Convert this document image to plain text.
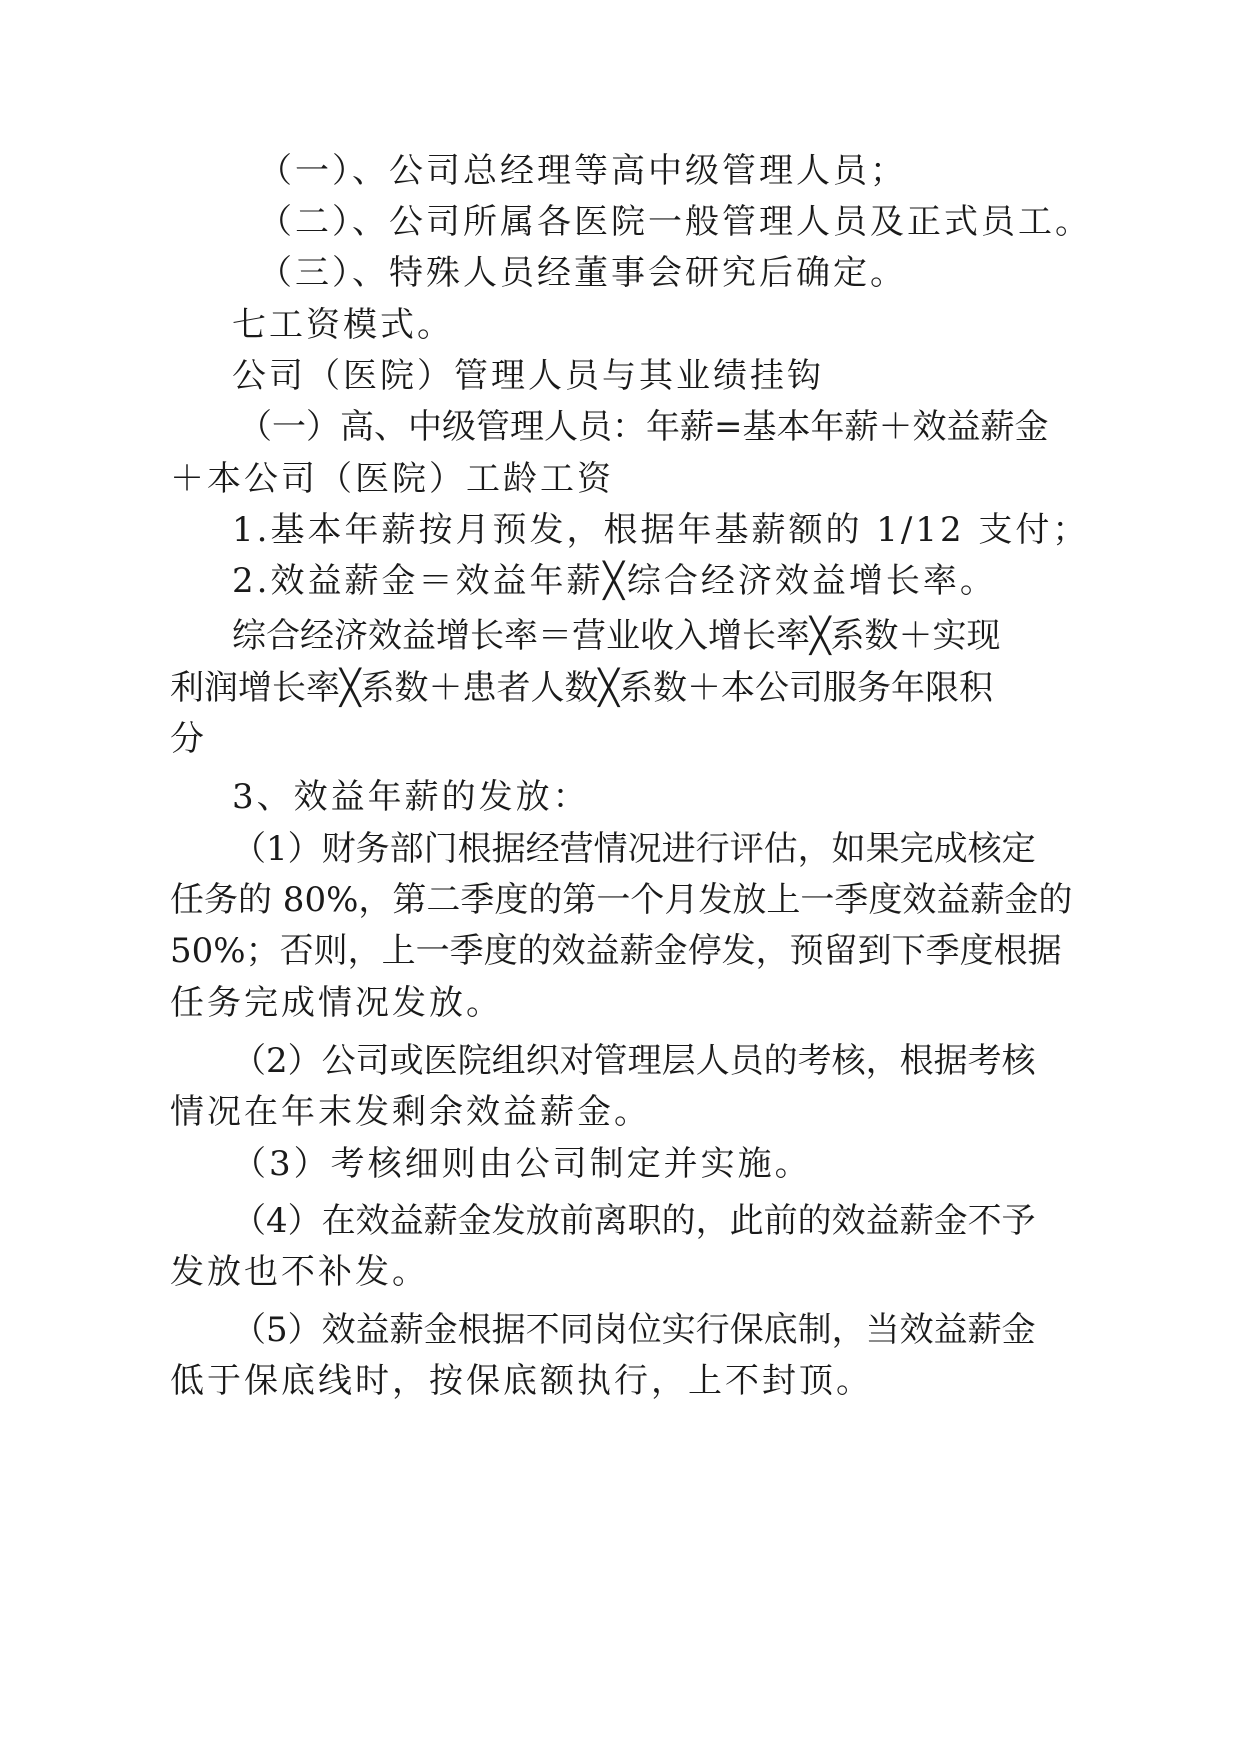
（一）、公司总经理等高中级管理人员；

（二）、公司所属各医院一般管理人员及正式员工。

（三）、特殊人员经董事会研究后确定。

七工资模式。

公司（医院）管理人员与其业绩挂钩

（一）高、中级管理人员：年薪=基本年薪＋效益薪金

＋本公司（医院）工龄工资

1.基本年薪按月预发，根据年基薪额的 1/12 支付；

2.效益薪金＝效益年薪╳综合经济效益增长率。

综合经济效益增长率＝营业收入增长率╳系数＋实现

利润增长率╳系数＋患者人数╳系数＋本公司服务年限积

分

3、效益年薪的发放：

（1）财务部门根据经营情况进行评估，如果完成核定

任务的 80%，第二季度的第一个月发放上一季度效益薪金的

50%；否则，上一季度的效益薪金停发，预留到下季度根据

任务完成情况发放。

（2）公司或医院组织对管理层人员的考核，根据考核

情况在年末发剩余效益薪金。

（3）考核细则由公司制定并实施。

（4）在效益薪金发放前离职的，此前的效益薪金不予

发放也不补发。

（5）效益薪金根据不同岗位实行保底制，当效益薪金

低于保底线时，按保底额执行，上不封顶。
